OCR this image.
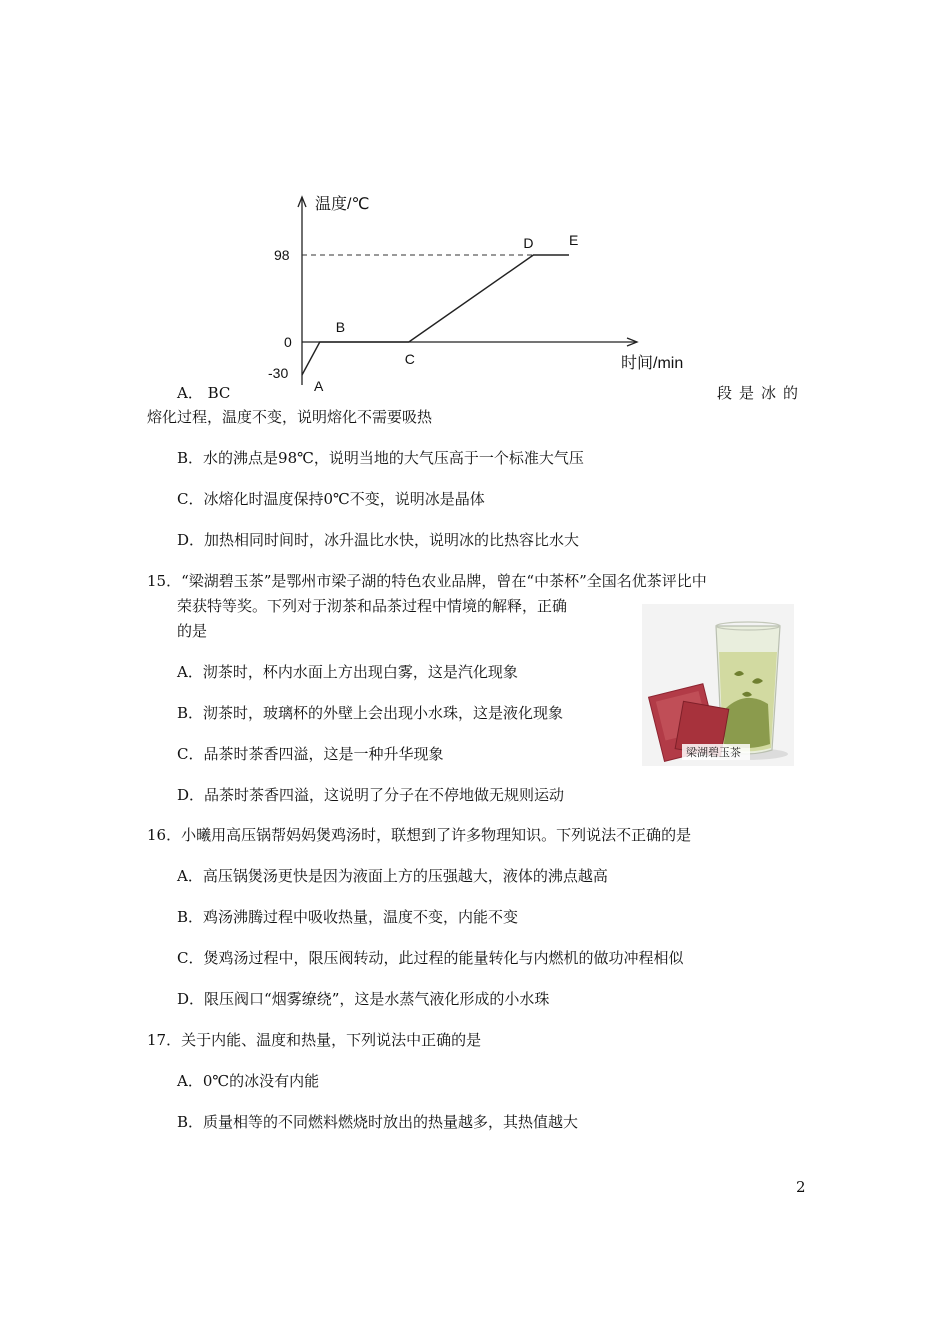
温度/℃
时间/min
98
0
-30
A
B
C
D	E
A． BC	段是冰的
熔化过程，温度不变，说明熔化不需要吸热
B．水的沸点是98℃，说明当地的大气压高于一个标准大气压
C．冰熔化时温度保持0℃不变，说明冰是晶体
D．加热相同时间时，冰升温比水快，说明冰的比热容比水大
15．“梁湖碧玉茶”是鄂州市梁子湖的特色农业品牌，曾在“中茶杯”全国名优茶评比中
荣获特等奖。下列对于沏茶和品茶过程中情境的解释，正确
的是
A．沏茶时，杯内水面上方出现白雾，这是汽化现象
B．沏茶时，玻璃杯的外壁上会出现小水珠，这是液化现象
C．品茶时茶香四溢，这是一种升华现象
D．品茶时茶香四溢，这说明了分子在不停地做无规则运动
梁湖碧玉茶
16．小曦用高压锅帮妈妈煲鸡汤时，联想到了许多物理知识。下列说法不正确的是
A．高压锅煲汤更快是因为液面上方的压强越大，液体的沸点越高
B．鸡汤沸腾过程中吸收热量，温度不变，内能不变
C．煲鸡汤过程中，限压阀转动，此过程的能量转化与内燃机的做功冲程相似
D．限压阀口“烟雾缭绕”，这是水蒸气液化形成的小水珠
17．关于内能、温度和热量，下列说法中正确的是
A．0℃的冰没有内能
B．质量相等的不同燃料燃烧时放出的热量越多，其热值越大
2
